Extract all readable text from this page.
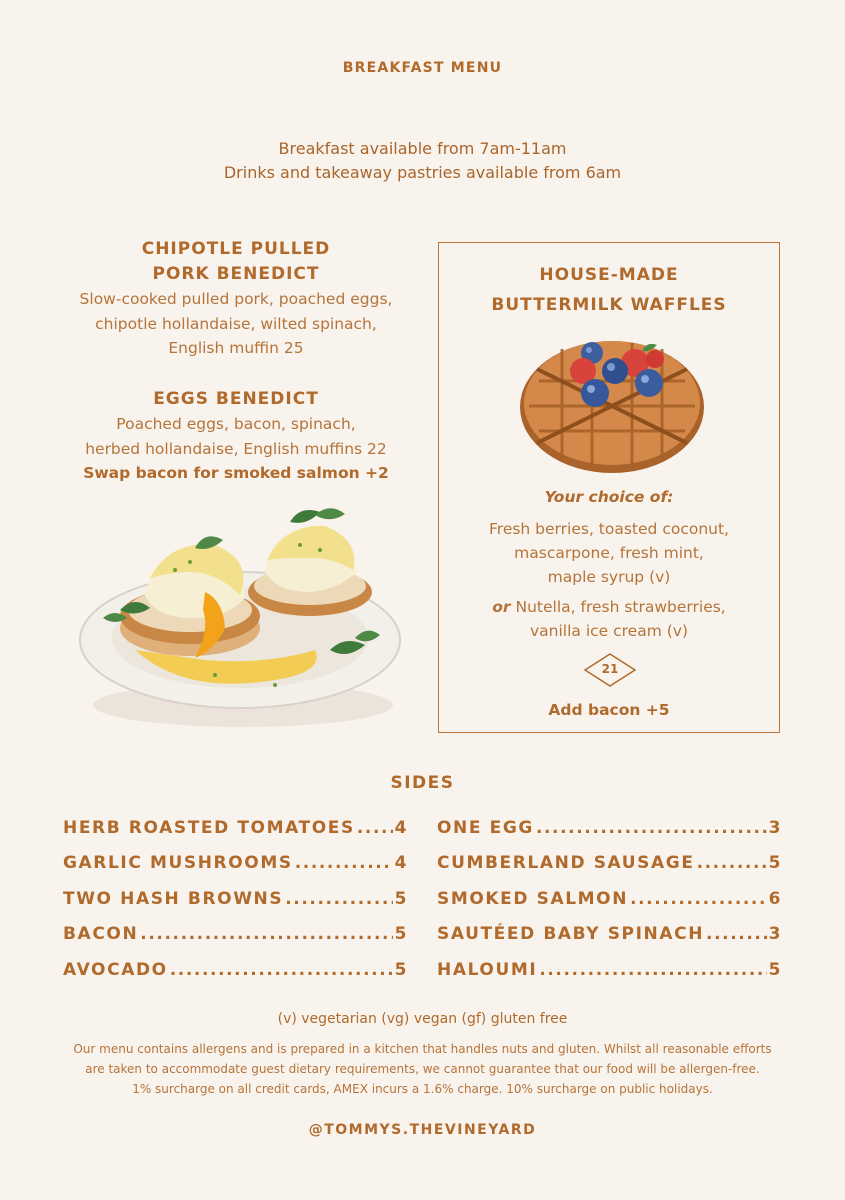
BREAKFAST MENU
Breakfast available from 7am-11am
Drinks and takeaway pastries available from 6am
CHIPOTLE PULLED
PORK BENEDICT
Slow-cooked pulled pork, poached eggs,
chipotle hollandaise, wilted spinach,
English muffin 25
EGGS BENEDICT
Poached eggs, bacon, spinach,
herbed hollandaise, English muffins 22
Swap bacon for smoked salmon +2
HOUSE-MADE
BUTTERMILK WAFFLES
Your choice of:
Fresh berries, toasted coconut,
mascarpone, fresh mint,
maple syrup (v)
or Nutella, fresh strawberries,
vanilla ice cream (v)
21
Add bacon +5
SIDES
HERB ROASTED TOMATOES ..... 4
GARLIC MUSHROOMS .....	4
TWO HASH BROWNS .....	5
BACON .....	5
AVOCADO .....	5
ONE EGG .....	3
CUMBERLAND SAUSAGE .....	5
SMOKED SALMON .....	6
SAUTÉED BABY SPINACH .....	3
HALOUMI .....	5
(v) vegetarian (vg) vegan (gf) gluten free
Our menu contains allergens and is prepared in a kitchen that handles nuts and gluten. Whilst all reasonable efforts
are taken to accommodate guest dietary requirements, we cannot guarantee that our food will be allergen-free.
1% surcharge on all credit cards, AMEX incurs a 1.6% charge. 10% surcharge on public holidays.
@TOMMYS.THEVINEYARD
